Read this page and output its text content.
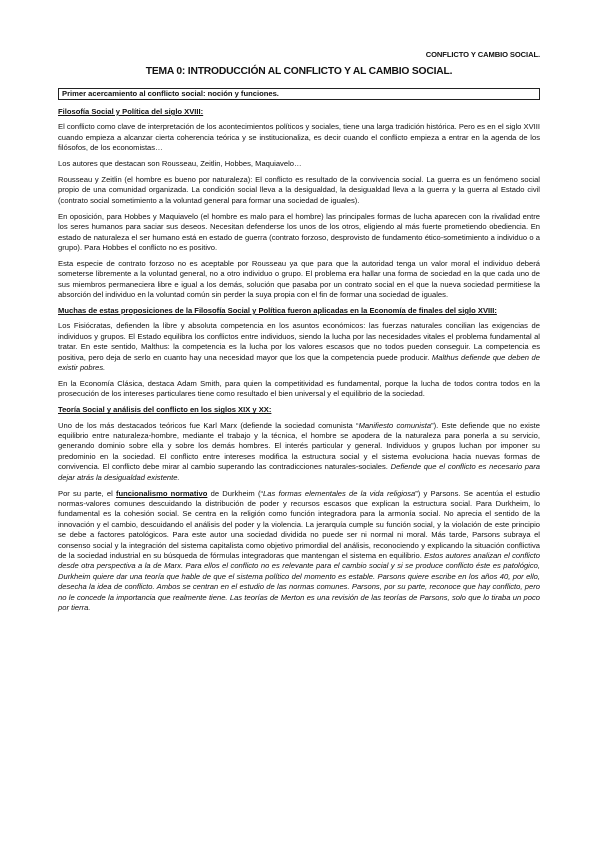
CONFLICTO Y CAMBIO SOCIAL.
TEMA 0: INTRODUCCIÓN AL CONFLICTO Y AL CAMBIO SOCIAL.
Primer acercamiento al conflicto social: noción y funciones.

Filosofía Social y Política del siglo XVIII:

El conflicto como clave de interpretación de los acontecimientos políticos y sociales, tiene una larga tradición histórica. Pero es en el siglo XVIII cuando empieza a alcanzar cierta coherencia teórica y se institucionaliza, es decir cuando el conflicto empieza a entrar en la agenda de los filósofos, de los economistas…

Los autores que destacan son Rousseau, Zeitlin, Hobbes, Maquiavelo…

Rousseau y Zeitlin (el hombre es bueno por naturaleza): El conflicto es resultado de la convivencia social. La guerra es un fenómeno social propio de una comunidad organizada. La condición social lleva a la desigualdad, la desigualdad lleva a la guerra y la guerra al Estado civil (contrato social sometimiento a la voluntad general para formar una sociedad de iguales).

En oposición, para Hobbes y Maquiavelo (el hombre es malo para el hombre) las principales formas de lucha aparecen con la rivalidad entre los seres humanos para saciar sus deseos. Necesitan defenderse los unos de los otros, eligiendo al más fuerte prometiendo obediencia. En estado de naturaleza el ser humano está en estado de guerra (contrato forzoso, desprovisto de fundamento ético-sometimiento a individuo o a grupo). Para Hobbes el conflicto no es positivo.

Esta especie de contrato forzoso no es aceptable por Rousseau ya que para que la autoridad tenga un valor moral el individuo deberá someterse libremente a la voluntad general, no a otro individuo o grupo. El problema era hallar una forma de sociedad en la que cada uno de sus miembros permaneciera libre e igual a los demás, solución que pasaba por un contrato social en el que la nueva sociedad permitiese la absorción del individuo en la voluntad común sin perder la suya propia con el fin de formar una sociedad de iguales.

Muchas de estas proposiciones de la Filosofía Social y Política fueron aplicadas en la Economía de finales del siglo XVIII:

Los Fisiócratas, defienden la libre y absoluta competencia en los asuntos económicos: las fuerzas naturales concilian las exigencias de individuos y grupos. El Estado equilibra los conflictos entre individuos, siendo la lucha por las necesidades vitales el problema fundamental al tratar. En este sentido, Malthus: la competencia es la lucha por los valores escasos que no todos pueden conseguir. La competencia es positiva, pero deja de serlo en cuanto hay una necesidad mayor que los que la competencia puede producir. Malthus defiende que deben de existir pobres.

En la Economía Clásica, destaca Adam Smith, para quien la competitividad es fundamental, porque la lucha de todos contra todos en la prosecución de los intereses particulares tiene como resultado el bien universal y el equilibrio de la sociedad.

Teoría Social y análisis del conflicto en los siglos XIX y XX:

Uno de los más destacados teóricos fue Karl Marx (defiende la sociedad comunista “Manifiesto comunista”). Este defiende que no existe equilibrio entre naturaleza-hombre, mediante el trabajo y la técnica, el hombre se apodera de la naturaleza para ponerla a su servicio, generando dominio sobre ella y sobre los demás hombres. El interés particular y general. Individuos y grupos luchan por imponer su predominio en la sociedad. El conflicto entre intereses modifica la estructura social y el sistema evoluciona hacia nuevas formas de convivencia. El conflicto debe mirar al cambio superando las contradicciones naturales-sociales. Defiende que el conflicto es necesario para dejar atrás la desigualdad existente.

Por su parte, el funcionalismo normativo de Durkheim (“Las formas elementales de la vida religiosa”) y Parsons. Se acentúa el estudio normas-valores comunes descuidando la distribución de poder y recursos escasos que explican la estructura social. Para Durkheim, lo fundamental es la cohesión social. Se centra en la religión como función integradora para la armonía social. No aprecia el sentido de la innovación y el cambio, descuidando el análisis del poder y la violencia. La jerarquía cumple su función social, y la violación de este principio se debe a factores patológicos. Para este autor una sociedad dividida no puede ser ni normal ni moral. Más tarde, Parsons subraya el consenso social y la integración del sistema capitalista como objetivo primordial del análisis, reconociendo y explicando la situación conflictiva de la sociedad industrial en su búsqueda de fórmulas integradoras que mantengan el sistema en equilibrio. Estos autores analizan el conflicto desde otra perspectiva a la de Marx. Para ellos el conflicto no es relevante para el cambio social y si se produce conflicto éste es patológico, Durkheim quiere dar una teoría que hable de que el sistema político del momento es estable. Parsons quiere escribe en los años 40, por ello, desecha la idea de conflicto. Ambos se centran en el estudio de las normas comunes. Parsons, por su parte, reconoce que hay conflicto, pero no le concede la importancia que realmente tiene. Las teorías de Merton es una revisión de las teorías de Parsons, solo que lo tiraba un poco por tierra.
